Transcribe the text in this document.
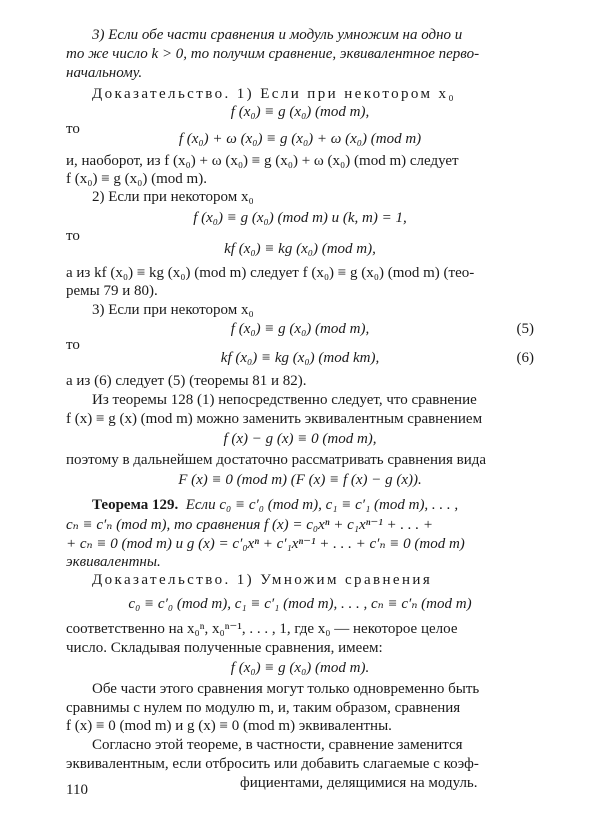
3) Если обе части сравнения и модуль умножим на одно и
то же число k > 0, то получим сравнение, эквивалентное перво-
начальному.
Доказательство. 1) Если при некотором x₀
f (x₀) ≡ g (x₀) (mod m),
то
f (x₀) + ω (x₀) ≡ g (x₀) + ω (x₀) (mod m)
и, наоборот, из f (x₀) + ω (x₀) ≡ g (x₀) + ω (x₀) (mod m) следует
f (x₀) ≡ g (x₀) (mod m).
2) Если при некотором x₀
f (x₀) ≡ g (x₀) (mod m) и (k, m) = 1,
то
kf (x₀) ≡ kg (x₀) (mod m),
а из kf (x₀) ≡ kg (x₀) (mod m) следует f (x₀) ≡ g (x₀) (mod m) (тео-
ремы 79 и 80).
3) Если при некотором x₀
f (x₀) ≡ g (x₀) (mod m),	(5)
то
kf (x₀) ≡ kg (x₀) (mod km),	(6)
а из (6) следует (5) (теоремы 81 и 82).
Из теоремы 128 (1) непосредственно следует, что сравнение
f (x) ≡ g (x) (mod m) можно заменить эквивалентным сравнением
f (x) − g (x) ≡ 0 (mod m),
поэтому в дальнейшем достаточно рассматривать сравнения вида
F (x) ≡ 0 (mod m) (F (x) ≡ f (x) − g (x)).
Теорема 129. Если c₀ ≡ c′₀ (mod m), c₁ ≡ c′₁ (mod m), . . . ,
cₙ ≡ c′ₙ (mod m), то сравнения f (x) = c₀xⁿ + c₁xⁿ⁻¹ + . . . +
+ cₙ ≡ 0 (mod m) и g (x) = c′₀xⁿ + c′₁xⁿ⁻¹ + . . . + c′ₙ ≡ 0 (mod m)
эквивалентны.
Доказательство. 1) Умножим сравнения
c₀ ≡ c′₀ (mod m), c₁ ≡ c′₁ (mod m), . . . , cₙ ≡ c′ₙ (mod m)
соответственно на x₀ⁿ, x₀ⁿ⁻¹, . . . , 1, где x₀ — некоторое целое
число. Складывая полученные сравнения, имеем:
f (x₀) ≡ g (x₀) (mod m).
Обе части этого сравнения могут только одновременно быть
сравнимы с нулем по модулю m, и, таким образом, сравнения
f (x) ≡ 0 (mod m) и g (x) ≡ 0 (mod m) эквивалентны.
Согласно этой теореме, в частности, сравнение заменится
эквивалентным, если отбросить или добавить слагаемые с коэф-
фициентами, делящимися на модуль.
110
